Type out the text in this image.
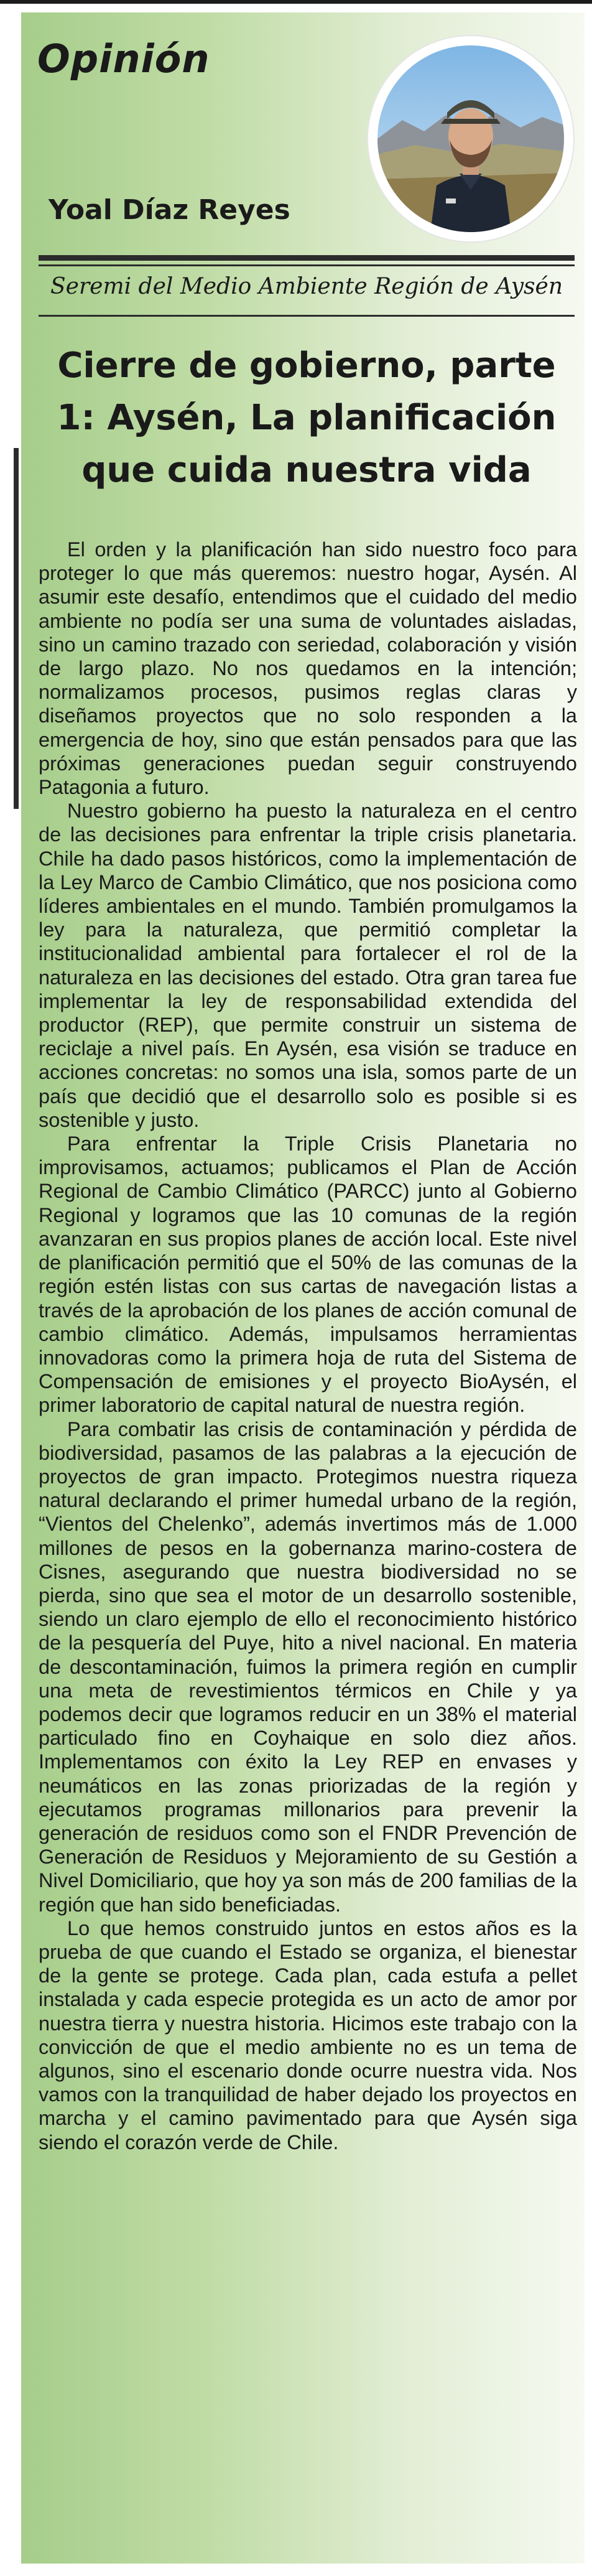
Opinión
Yoal Díaz Reyes

Seremi del Medio Ambiente Región de Aysén

Cierre de gobierno, parte 1: Aysén, La planificación que cuida nuestra vida

El orden y la planificación han sido nuestro foco para proteger lo que más queremos: nuestro hogar, Aysén. Al asumir este desafío, entendimos que el cuidado del medio ambiente no podía ser una suma de voluntades aisladas, sino un camino trazado con seriedad, colaboración y visión de largo plazo. No nos quedamos en la intención; normalizamos procesos, pusimos reglas claras y diseñamos proyectos que no solo responden a la emergencia de hoy, sino que están pensados para que las próximas generaciones puedan seguir construyendo Patagonia a futuro.

Nuestro gobierno ha puesto la naturaleza en el centro de las decisiones para enfrentar la triple crisis planetaria. Chile ha dado pasos históricos, como la implementación de la Ley Marco de Cambio Climático, que nos posiciona como líderes ambientales en el mundo. También promulgamos la ley para la naturaleza, que permitió completar la institucionalidad ambiental para fortalecer el rol de la naturaleza en las decisiones del estado. Otra gran tarea fue implementar la ley de responsabilidad extendida del productor (REP), que permite construir un sistema de reciclaje a nivel país. En Aysén, esa visión se traduce en acciones concretas: no somos una isla, somos parte de un país que decidió que el desarrollo solo es posible si es sostenible y justo.

Para enfrentar la Triple Crisis Planetaria no improvisamos, actuamos; publicamos el Plan de Acción Regional de Cambio Climático (PARCC) junto al Gobierno Regional y logramos que las 10 comunas de la región avanzaran en sus propios planes de acción local. Este nivel de planificación permitió que el 50% de las comunas de la región estén listas con sus cartas de navegación listas a través de la aprobación de los planes de acción comunal de cambio climático. Además, impulsamos herramientas innovadoras como la primera hoja de ruta del Sistema de Compensación de emisiones y el proyecto BioAysén, el primer laboratorio de capital natural de nuestra región.

Para combatir las crisis de contaminación y pérdida de biodiversidad, pasamos de las palabras a la ejecución de proyectos de gran impacto. Protegimos nuestra riqueza natural declarando el primer humedal urbano de la región, “Vientos del Chelenko”, además invertimos más de 1.000 millones de pesos en la gobernanza marino-costera de Cisnes, asegurando que nuestra biodiversidad no se pierda, sino que sea el motor de un desarrollo sostenible, siendo un claro ejemplo de ello el reconocimiento histórico de la pesquería del Puye, hito a nivel nacional. En materia de descontaminación, fuimos la primera región en cumplir una meta de revestimientos térmicos en Chile y ya podemos decir que logramos reducir en un 38% el material particulado fino en Coyhaique en solo diez años. Implementamos con éxito la Ley REP en envases y neumáticos en las zonas priorizadas de la región y ejecutamos programas millonarios para prevenir la generación de residuos como son el FNDR Prevención de Generación de Residuos y Mejoramiento de su Gestión a Nivel Domiciliario, que hoy ya son más de 200 familias de la región que han sido beneficiadas.

Lo que hemos construido juntos en estos años es la prueba de que cuando el Estado se organiza, el bienestar de la gente se protege. Cada plan, cada estufa a pellet instalada y cada especie protegida es un acto de amor por nuestra tierra y nuestra historia. Hicimos este trabajo con la convicción de que el medio ambiente no es un tema de algunos, sino el escenario donde ocurre nuestra vida. Nos vamos con la tranquilidad de haber dejado los proyectos en marcha y el camino pavimentado para que Aysén siga siendo el corazón verde de Chile.
